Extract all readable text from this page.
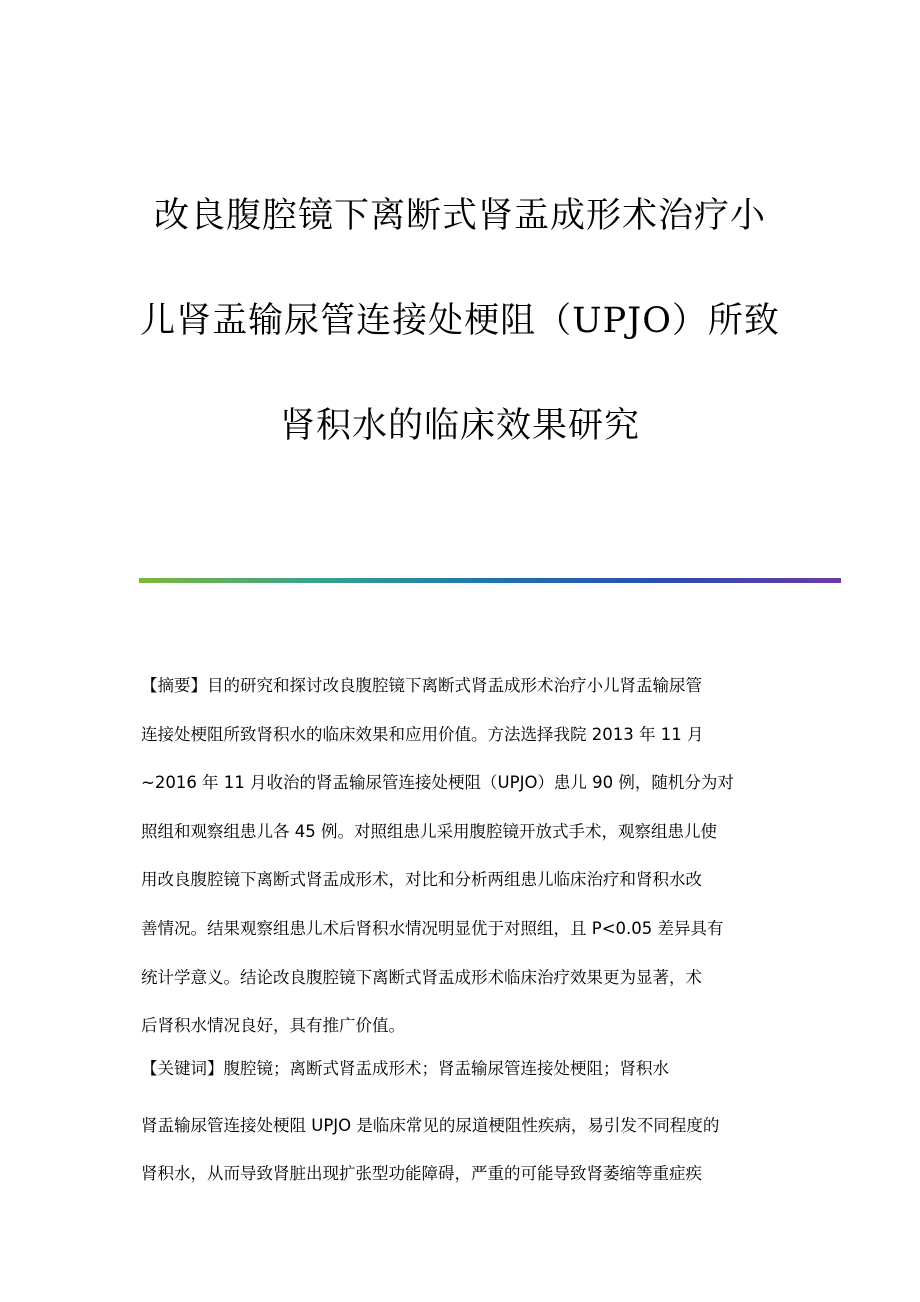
改良腹腔镜下离断式肾盂成形术治疗小
儿肾盂输尿管连接处梗阻（UPJO）所致
肾积水的临床效果研究
【摘要】目的研究和探讨改良腹腔镜下离断式肾盂成形术治疗小儿肾盂输尿管
连接处梗阻所致肾积水的临床效果和应用价值。方法选择我院 2013 年 11 月
~2016 年 11 月收治的肾盂输尿管连接处梗阻（UPJO）患儿 90 例，随机分为对
照组和观察组患儿各 45 例。对照组患儿采用腹腔镜开放式手术，观察组患儿使
用改良腹腔镜下离断式肾盂成形术，对比和分析两组患儿临床治疗和肾积水改
善情况。结果观察组患儿术后肾积水情况明显优于对照组，且 P<0.05 差异具有
统计学意义。结论改良腹腔镜下离断式肾盂成形术临床治疗效果更为显著，术
后肾积水情况良好，具有推广价值。
【关键词】腹腔镜；离断式肾盂成形术；肾盂输尿管连接处梗阻；肾积水
肾盂输尿管连接处梗阻 UPJO 是临床常见的尿道梗阻性疾病，易引发不同程度的
肾积水，从而导致肾脏出现扩张型功能障碍，严重的可能导致肾萎缩等重症疾
